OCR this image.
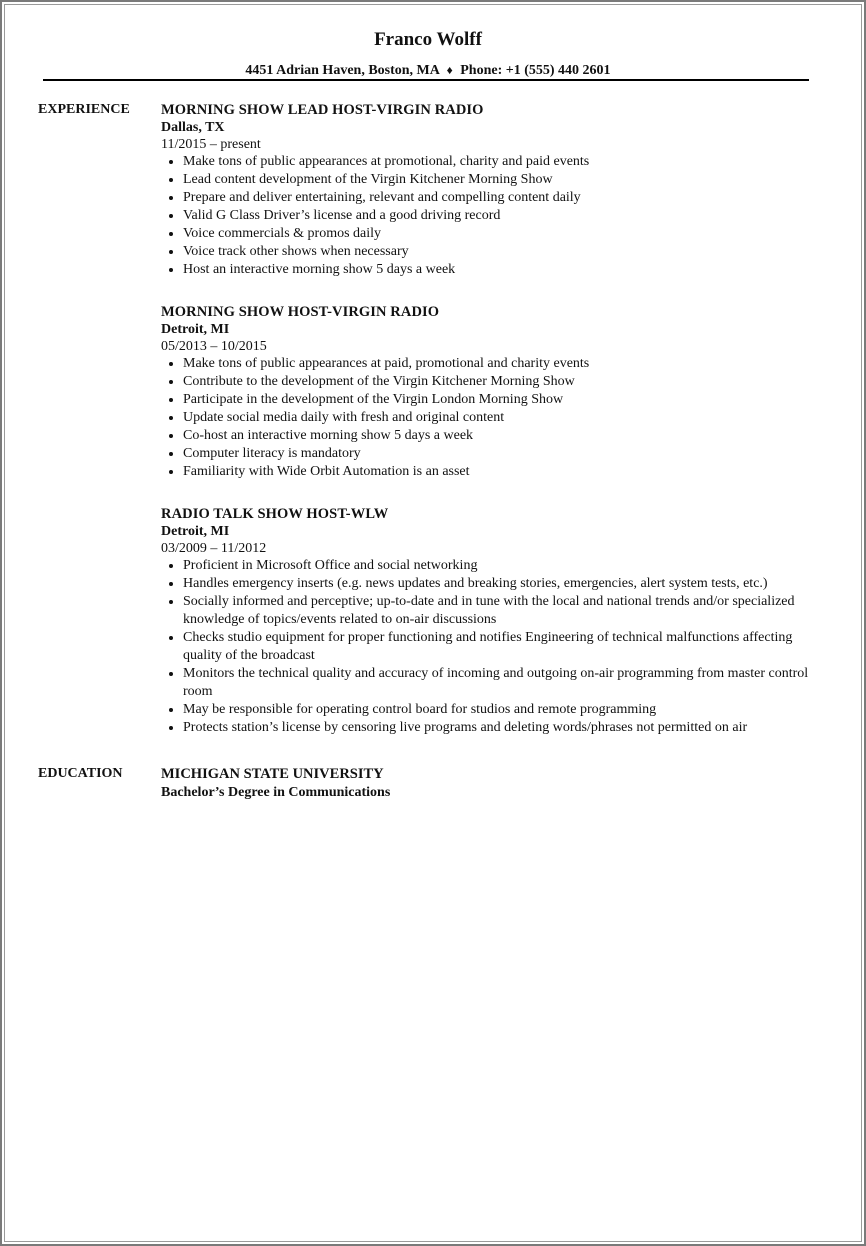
Franco Wolff
4451 Adrian Haven, Boston, MA ♦ Phone: +1 (555) 440 2601
EXPERIENCE MORNING SHOW LEAD HOST-VIRGIN RADIO
Dallas, TX
11/2015 – present
Make tons of public appearances at promotional, charity and paid events
Lead content development of the Virgin Kitchener Morning Show
Prepare and deliver entertaining, relevant and compelling content daily
Valid G Class Driver’s license and a good driving record
Voice commercials & promos daily
Voice track other shows when necessary
Host an interactive morning show 5 days a week
MORNING SHOW HOST-VIRGIN RADIO
Detroit, MI
05/2013 – 10/2015
Make tons of public appearances at paid, promotional and charity events
Contribute to the development of the Virgin Kitchener Morning Show
Participate in the development of the Virgin London Morning Show
Update social media daily with fresh and original content
Co-host an interactive morning show 5 days a week
Computer literacy is mandatory
Familiarity with Wide Orbit Automation is an asset
RADIO TALK SHOW HOST-WLW
Detroit, MI
03/2009 – 11/2012
Proficient in Microsoft Office and social networking
Handles emergency inserts (e.g. news updates and breaking stories, emergencies, alert system tests, etc.)
Socially informed and perceptive; up-to-date and in tune with the local and national trends and/or specialized knowledge of topics/events related to on-air discussions
Checks studio equipment for proper functioning and notifies Engineering of technical malfunctions affecting quality of the broadcast
Monitors the technical quality and accuracy of incoming and outgoing on-air programming from master control room
May be responsible for operating control board for studios and remote programming
Protects station’s license by censoring live programs and deleting words/phrases not permitted on air
EDUCATION	MICHIGAN STATE UNIVERSITY
Bachelor’s Degree in Communications
